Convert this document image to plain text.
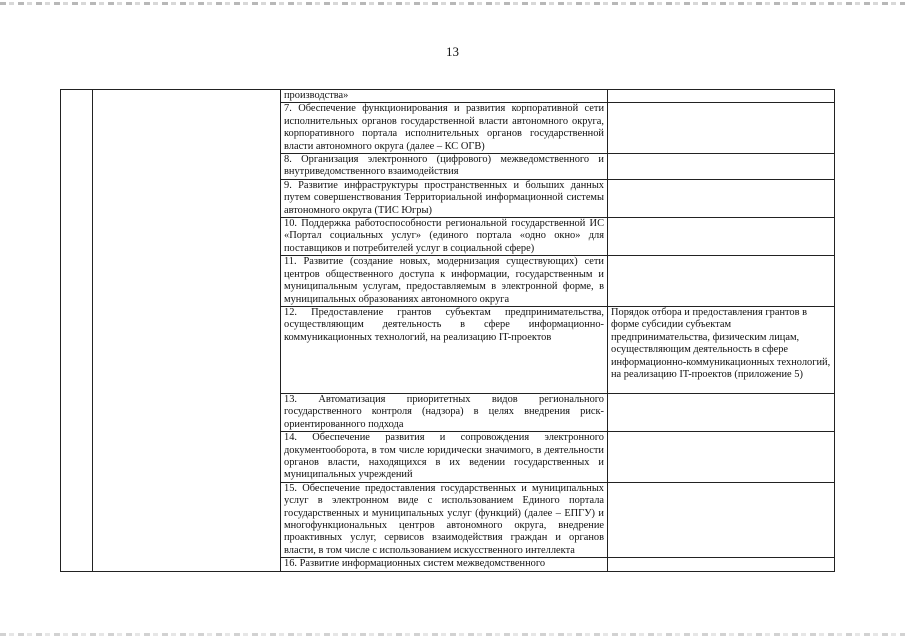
13
		производства»	
		7. Обеспечение функционирования и развития корпоративной сети исполнительных органов государственной власти автономного округа, корпоративного портала исполнительных органов государственной власти автономного округа (далее – КС ОГВ)	
		8. Организация электронного (цифрового) межведомственного и внутриведомственного взаимодействия	
		9. Развитие инфраструктуры пространственных и больших данных путем совершенствования Территориальной информационной системы автономного округа (ТИС Югры)	
		10. Поддержка работоспособности региональной государственной ИС «Портал социальных услуг» (единого портала «одно окно» для поставщиков и потребителей услуг в социальной сфере)	
		11. Развитие (создание новых, модернизация существующих) сети центров общественного доступа к информации, государственным и муниципальным услугам, предоставляемым в электронной форме, в муниципальных образованиях автономного округа	
		12. Предоставление грантов субъектам предпринимательства, осуществляющим деятельность в сфере информационно-коммуникационных технологий, на реализацию IT-проектов	Порядок отбора и предоставления грантов в форме субсидии субъектам предпринимательства, физическим лицам, осуществляющим деятельность в сфере информационно-коммуникационных технологий, на реализацию IT-проектов (приложение 5)
		13. Автоматизация приоритетных видов регионального государственного контроля (надзора) в целях внедрения риск-ориентированного подхода	
		14. Обеспечение развития и сопровождения электронного документооборота, в том числе юридически значимого, в деятельности органов власти, находящихся в их ведении государственных и муниципальных учреждений	
		15. Обеспечение предоставления государственных и муниципальных услуг в электронном виде с использованием Единого портала государственных и муниципальных услуг (функций) (далее – ЕПГУ) и многофункциональных центров автономного округа, внедрение проактивных услуг, сервисов взаимодействия граждан и органов власти, в том числе с использованием искусственного интеллекта	
		16. Развитие информационных систем межведомственного	
